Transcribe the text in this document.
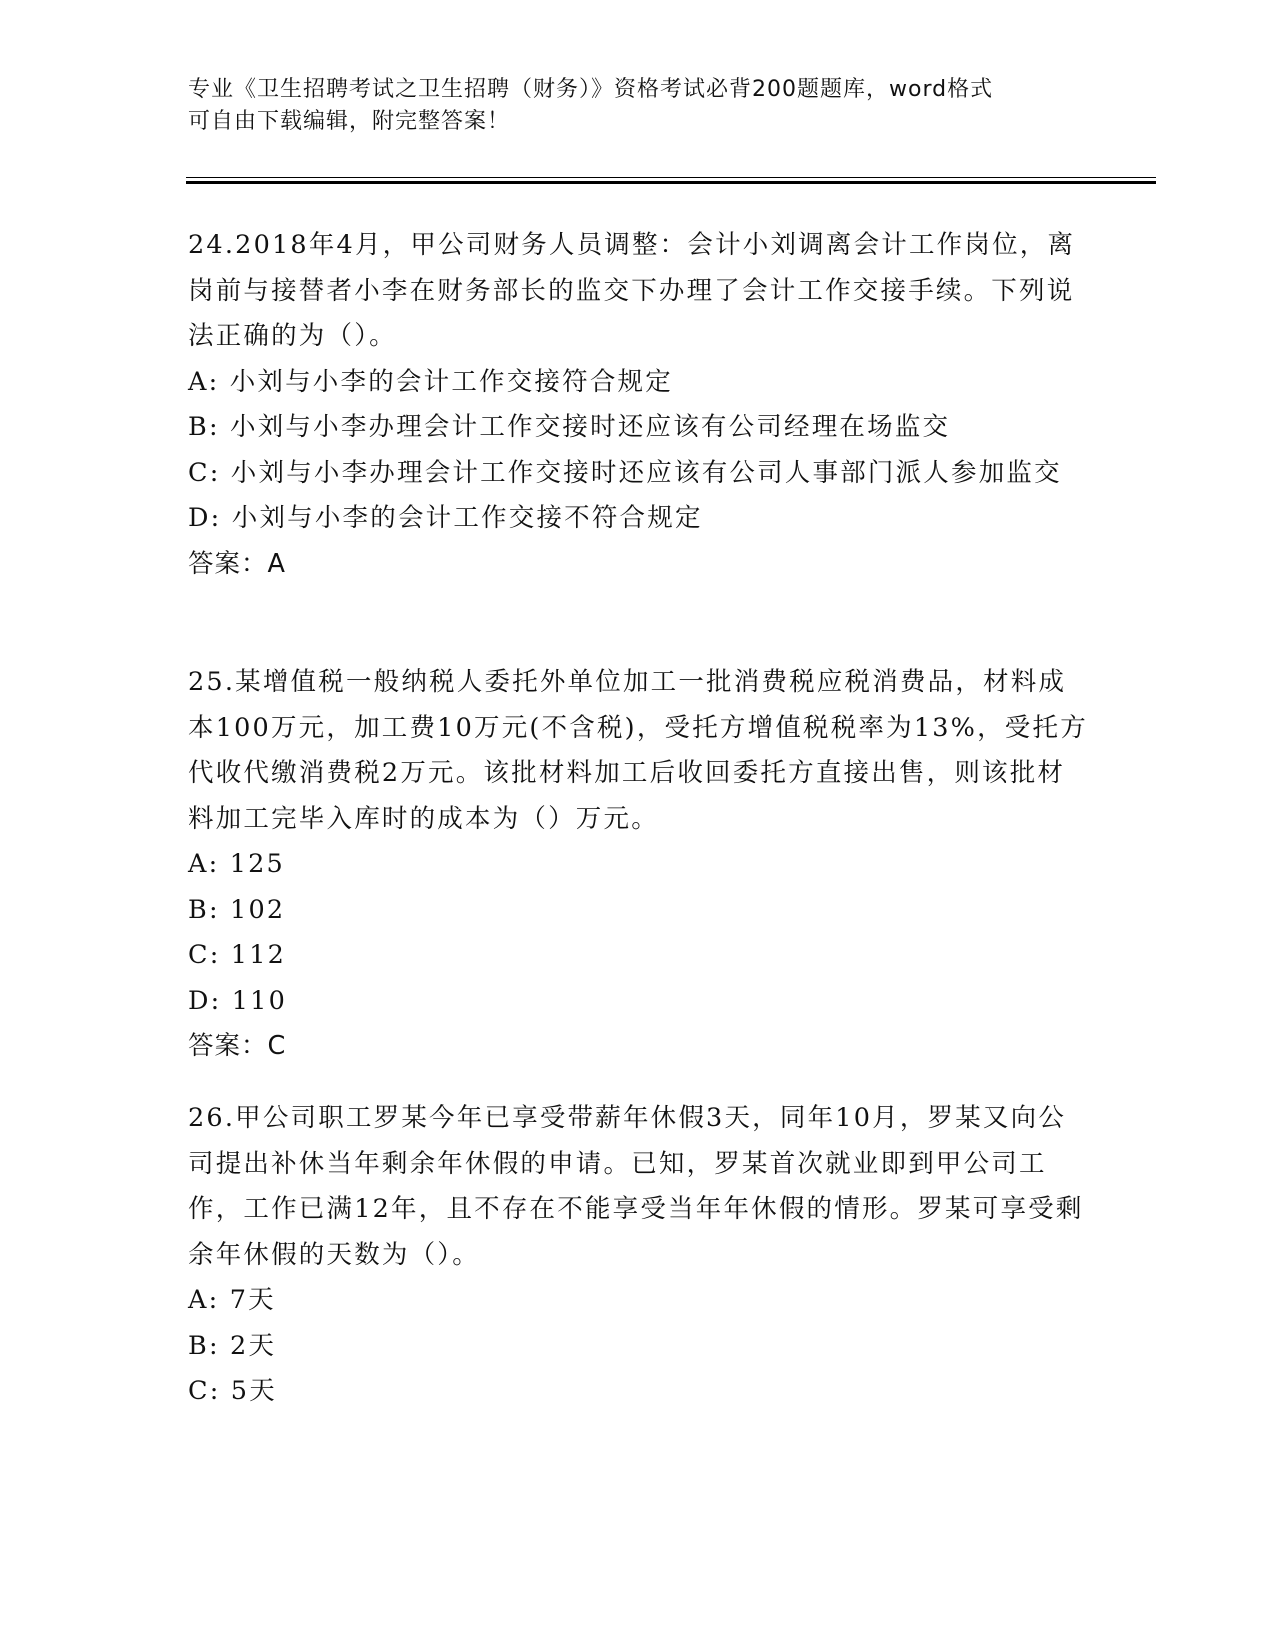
专业《卫生招聘考试之卫生招聘（财务）》资格考试必背200题题库，word格式
可自由下载编辑，附完整答案！
24.2018年4月，甲公司财务人员调整：会计小刘调离会计工作岗位，离岗前与接替者小李在财务部长的监交下办理了会计工作交接手续。下列说法正确的为（）。
A: 小刘与小李的会计工作交接符合规定
B: 小刘与小李办理会计工作交接时还应该有公司经理在场监交
C: 小刘与小李办理会计工作交接时还应该有公司人事部门派人参加监交
D: 小刘与小李的会计工作交接不符合规定
答案：A
25.某增值税一般纳税人委托外单位加工一批消费税应税消费品，材料成本100万元，加工费10万元(不含税)，受托方增值税税率为13%，受托方代收代缴消费税2万元。该批材料加工后收回委托方直接出售，则该批材料加工完毕入库时的成本为（）万元。
A: 125
B: 102
C: 112
D: 110
答案：C
26.甲公司职工罗某今年已享受带薪年休假3天，同年10月，罗某又向公司提出补休当年剩余年休假的申请。已知，罗某首次就业即到甲公司工作，工作已满12年，且不存在不能享受当年年休假的情形。罗某可享受剩余年休假的天数为（）。
A: 7天
B: 2天
C: 5天
